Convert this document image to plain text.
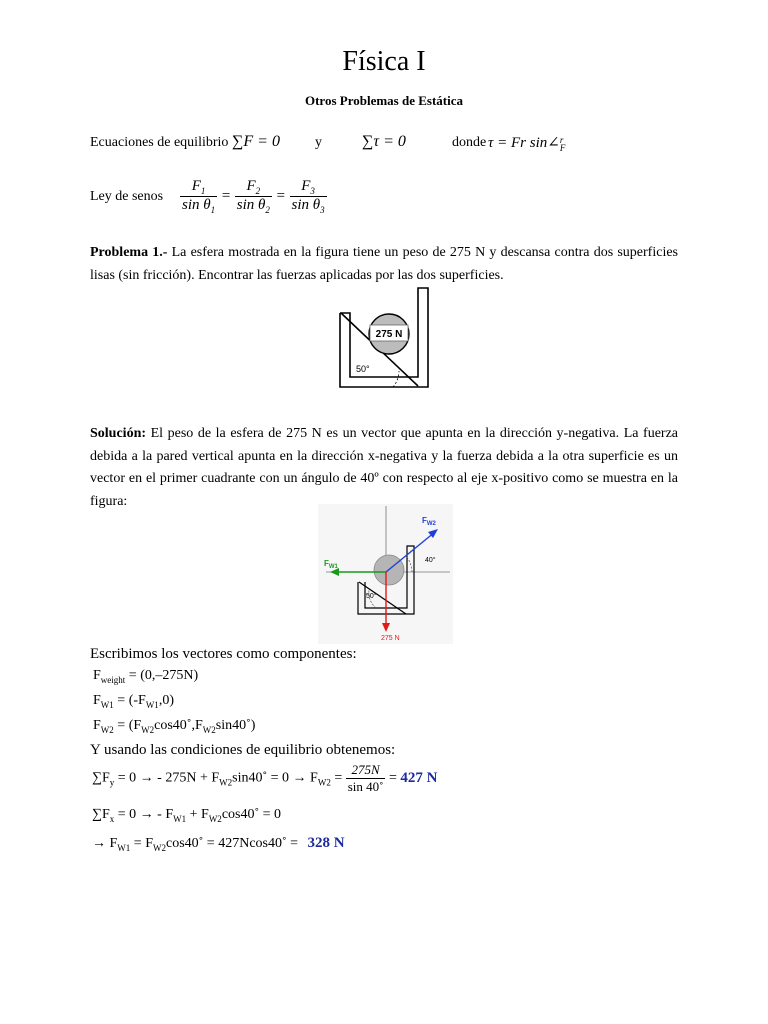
Física I
Otros Problemas de Estática
Ecuaciones de equilibrio ∑F = 0	y	∑τ = 0	donde τ = Fr sin∠ r
F
Ley de senos $\frac{F_1}{\sin \theta_1} = \frac{F_2}{\sin \theta_2} = \frac{F_3}{\sin \theta_3}$
Problema 1.- La esfera mostrada en la figura tiene un peso de 275 N y descansa contra dos superficies lisas (sin fricción). Encontrar las fuerzas aplicadas por las dos superficies.
275 N
50°
Solución: El peso de la esfera de 275 N es un vector que apunta en la dirección y-negativa. La fuerza debida a la pared vertical apunta en la dirección x-negativa y la fuerza debida a la otra superficie es un vector en el primer cuadrante con un ángulo de 40º con respecto al eje x-positivo como se muestra en la figura:
$F_{W2}$
40°
$F_{W1}$
275 N
50°
Escribimos los vectores como componentes:
$F_{weight} = (0,-275N)$
$F_{W1} = (-F_{W1},0)$
$F_{W2}$ = $(F_{W2}\cos 40˚,F_{W2}\sin 40˚)$
Y usando las condiciones de equilibrio obtenemos:
$\sum F_y = 0$ → - $275N + F_{W2}\sin 40˚ = 0 \to F_{W2} = \frac{275N}{\sin 40˚} = 427$ N
$\sum F_x = 0$ → - $F_{W1}$ + $F_{W2}\cos 40˚ = 0$
→ $F_{W1}$ = $F_{W2}\cos 40˚$ = 427Ncos40˚ = 328 N
